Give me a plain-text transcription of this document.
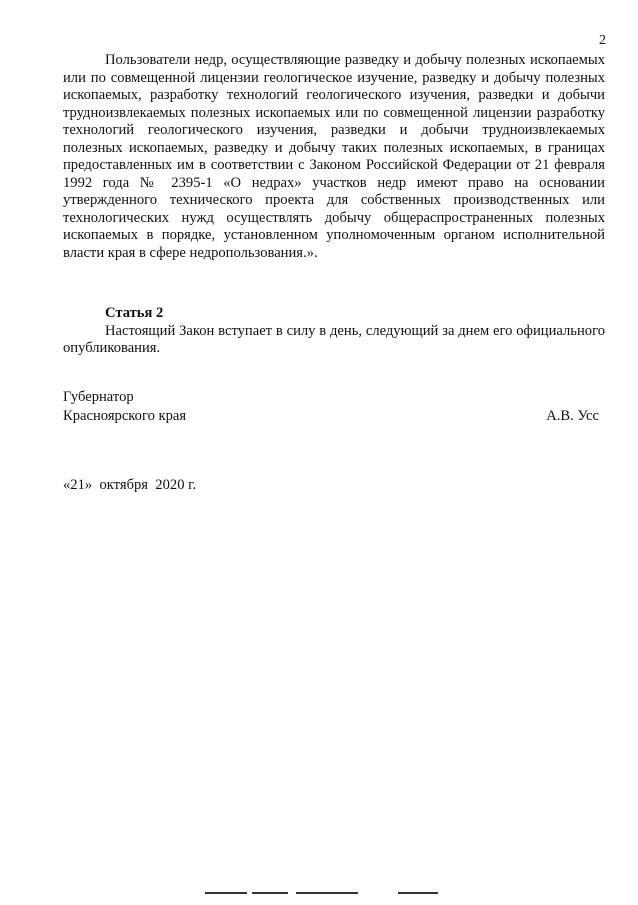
2

Пользователи недр, осуществляющие разведку и добычу полезных ископаемых или по совмещенной лицензии геологическое изучение, разведку и добычу полезных ископаемых, разработку технологий геологического изучения, разведки и добычи трудноизвлекаемых полезных ископаемых или по совмещенной лицензии разработку технологий геологического изучения, разведки и добычи трудноизвлекаемых полезных ископаемых, разведку и добычу таких полезных ископаемых, в границах предоставленных им в соответствии с Законом Российской Федерации от 21 февраля 1992 года № 2395-1 «О недрах» участков недр имеют право на основании утвержденного технического проекта для собственных производственных или технологических нужд осуществлять добычу общераспространенных полезных ископаемых в порядке, установленном уполномоченным органом исполнительной власти края в сфере недропользования.».

Статья 2

Настоящий Закон вступает в силу в день, следующий за днем его официального опубликования.

Губернатор
Красноярского края	А.В. Усс
«21»  октября  2020 г.
